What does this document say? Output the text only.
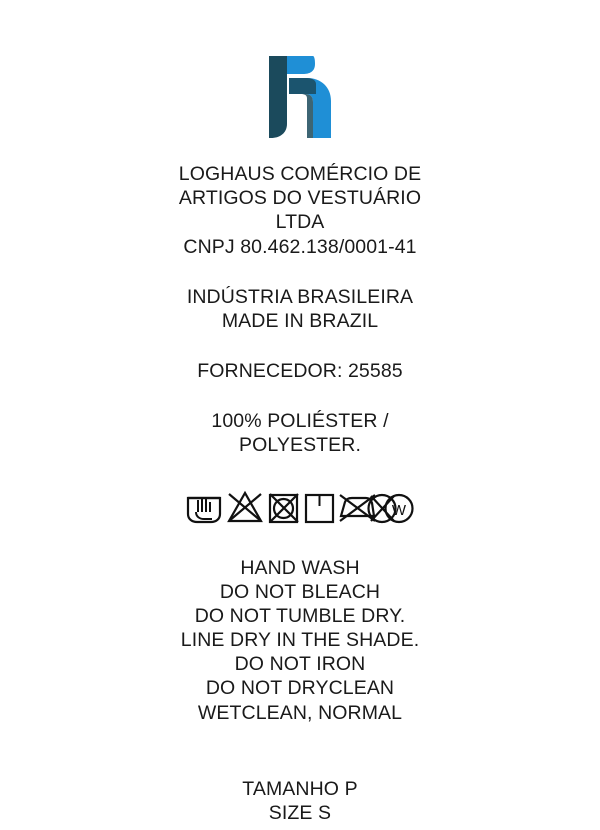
LOGHAUS COMÉRCIO DE
ARTIGOS DO VESTUÁRIO
LTDA
CNPJ 80.462.138/0001-41
INDÚSTRIA BRASILEIRA
MADE IN BRAZIL
FORNECEDOR: 25585
100% POLIÉSTER /
POLYESTER.
W
HAND WASH
DO NOT BLEACH
DO NOT TUMBLE DRY.
LINE DRY IN THE SHADE.
DO NOT IRON
DO NOT DRYCLEAN
WETCLEAN, NORMAL
TAMANHO P
SIZE S
